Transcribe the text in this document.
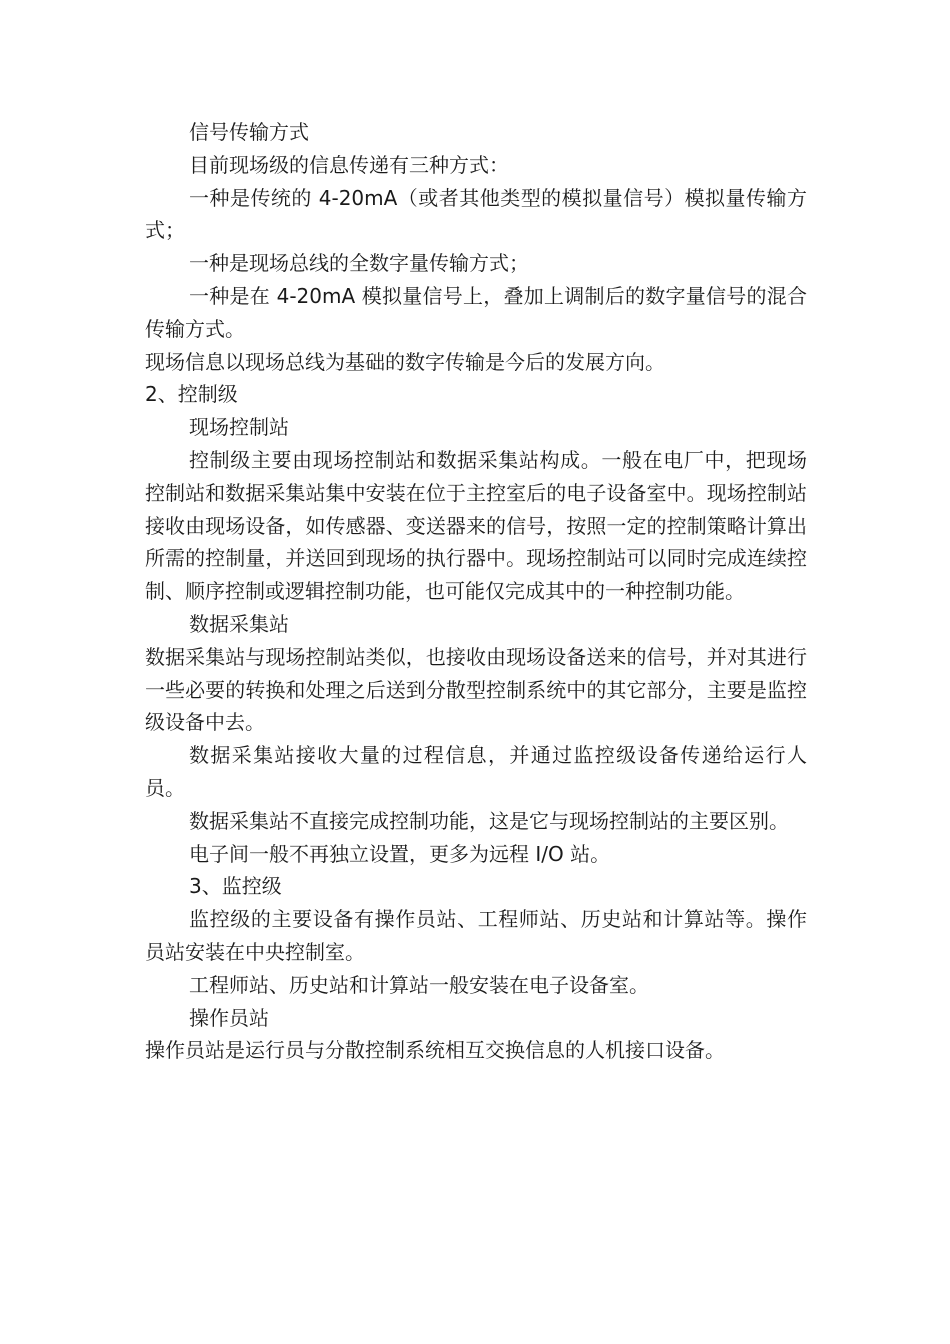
信号传输方式

目前现场级的信息传递有三种方式：

一种是传统的 4-20mA（或者其他类型的模拟量信号）模拟量传输方式；

一种是现场总线的全数字量传输方式；

一种是在 4-20mA 模拟量信号上，叠加上调制后的数字量信号的混合传输方式。

现场信息以现场总线为基础的数字传输是今后的发展方向。

2、控制级

现场控制站

控制级主要由现场控制站和数据采集站构成。一般在电厂中，把现场控制站和数据采集站集中安装在位于主控室后的电子设备室中。现场控制站接收由现场设备，如传感器、变送器来的信号，按照一定的控制策略计算出所需的控制量，并送回到现场的执行器中。现场控制站可以同时完成连续控制、顺序控制或逻辑控制功能，也可能仅完成其中的一种控制功能。

数据采集站

数据采集站与现场控制站类似，也接收由现场设备送来的信号，并对其进行一些必要的转换和处理之后送到分散型控制系统中的其它部分，主要是监控级设备中去。

数据采集站接收大量的过程信息，并通过监控级设备传递给运行人员。

数据采集站不直接完成控制功能，这是它与现场控制站的主要区别。

电子间一般不再独立设置，更多为远程 I/O 站。

3、监控级

监控级的主要设备有操作员站、工程师站、历史站和计算站等。操作员站安装在中央控制室。

工程师站、历史站和计算站一般安装在电子设备室。

操作员站

操作员站是运行员与分散控制系统相互交换信息的人机接口设备。
